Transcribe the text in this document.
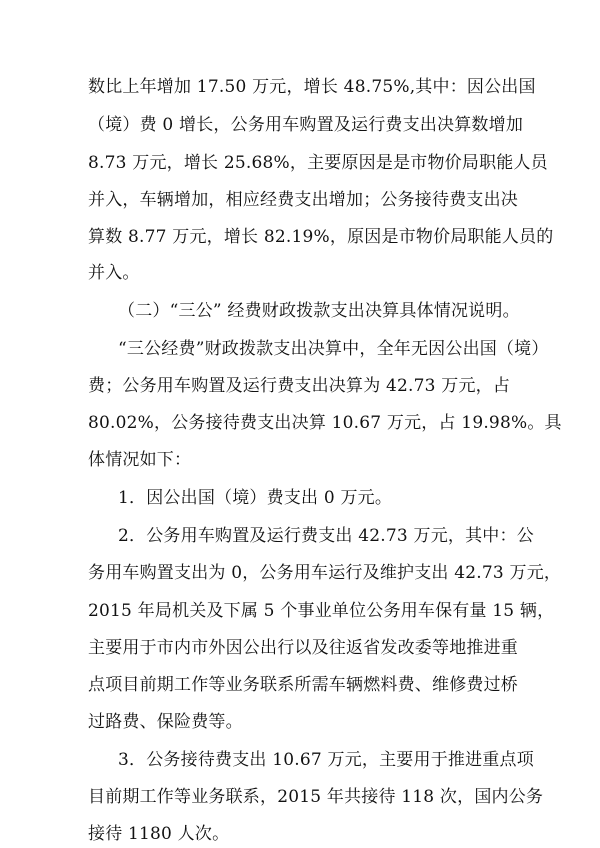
数比上年增加 17.50 万元，增长 48.75%,其中：因公出国
（境）费 0 增长，公务用车购置及运行费支出决算数增加
8.73 万元，增长 25.68%，主要原因是是市物价局职能人员
并入，车辆增加，相应经费支出增加；公务接待费支出决
算数 8.77 万元，增长 82.19%，原因是市物价局职能人员的
并入。
（二）“三公” 经费财政拨款支出决算具体情况说明。
“三公经费”财政拨款支出决算中，全年无因公出国（境）
费；公务用车购置及运行费支出决算为 42.73 万元，占
80.02%，公务接待费支出决算 10.67 万元，占 19.98%。具
体情况如下：
1．因公出国（境）费支出 0 万元。
2．公务用车购置及运行费支出 42.73 万元，其中：公
务用车购置支出为 0，公务用车运行及维护支出 42.73 万元，
2015 年局机关及下属 5 个事业单位公务用车保有量 15 辆，
主要用于市内市外因公出行以及往返省发改委等地推进重
点项目前期工作等业务联系所需车辆燃料费、维修费过桥
过路费、保险费等。
3．公务接待费支出 10.67 万元，主要用于推进重点项
目前期工作等业务联系，2015 年共接待 118 次，国内公务
接待 1180 人次。
